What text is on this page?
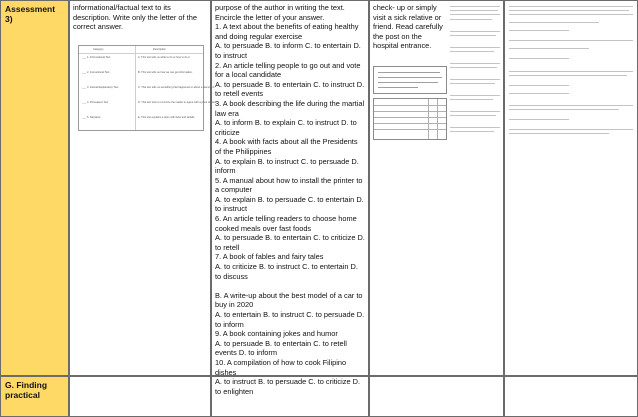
Assessment 3)
informational/factual text to its description. Write only the letter of the correct answer.
Category	Description
___ 1. Informational Text	A. This text tells us what to do or how to do it.
___ 2. Instructional Text	B. This text tells us how we can get information.
___ 3. Factual Explanatory Text	C. This text tells us something that happened or about a real event.
___ 4. Persuasive Text	D. This text tries to convince the reader to agree with a point of view.
___ 5. Narrative	E. This text explains a topic with facts and details.
purpose of the author in writing the text. Encircle the letter of your answer.
1. A text about the benefits of eating healthy and doing regular exercise
A. to persuade B. to inform C. to entertain D. to instruct
2. An article telling people to go out and vote for a local candidate
A. to persuade B. to entertain C. to instruct D. to retell events
3. A book describing the life during the martial law era
A. to inform B. to explain C. to instruct D. to criticize
4. A book with facts about all the Presidents of the Philippines
A. to explain B. to instruct C. to persuade D. inform
5. A manual about how to install the printer to a computer
A. to explain B. to persuade C. to entertain D. to instruct
6. An article telling readers to choose home cooked meals over fast foods
A. to persuade B. to entertain C. to criticize D. to retell
7. A book of fables and fairy tales
A. to criticize B. to instruct C. to entertain D. to discuss

B. A write-up about the best model of a car to buy in 2020
A. to entertain B. to instruct C. to persuade D. to inform
9. A book containing jokes and humor
A. to persuade B. to entertain C. to retell events D. to inform
10. A compilation of how to cook Filipino dishes
A. to instruct B. to persuade C. to criticize D. to enlighten
check- up or simply visit a sick relative or friend. Read carefully the post on the hospital entrance.
G. Finding practical
